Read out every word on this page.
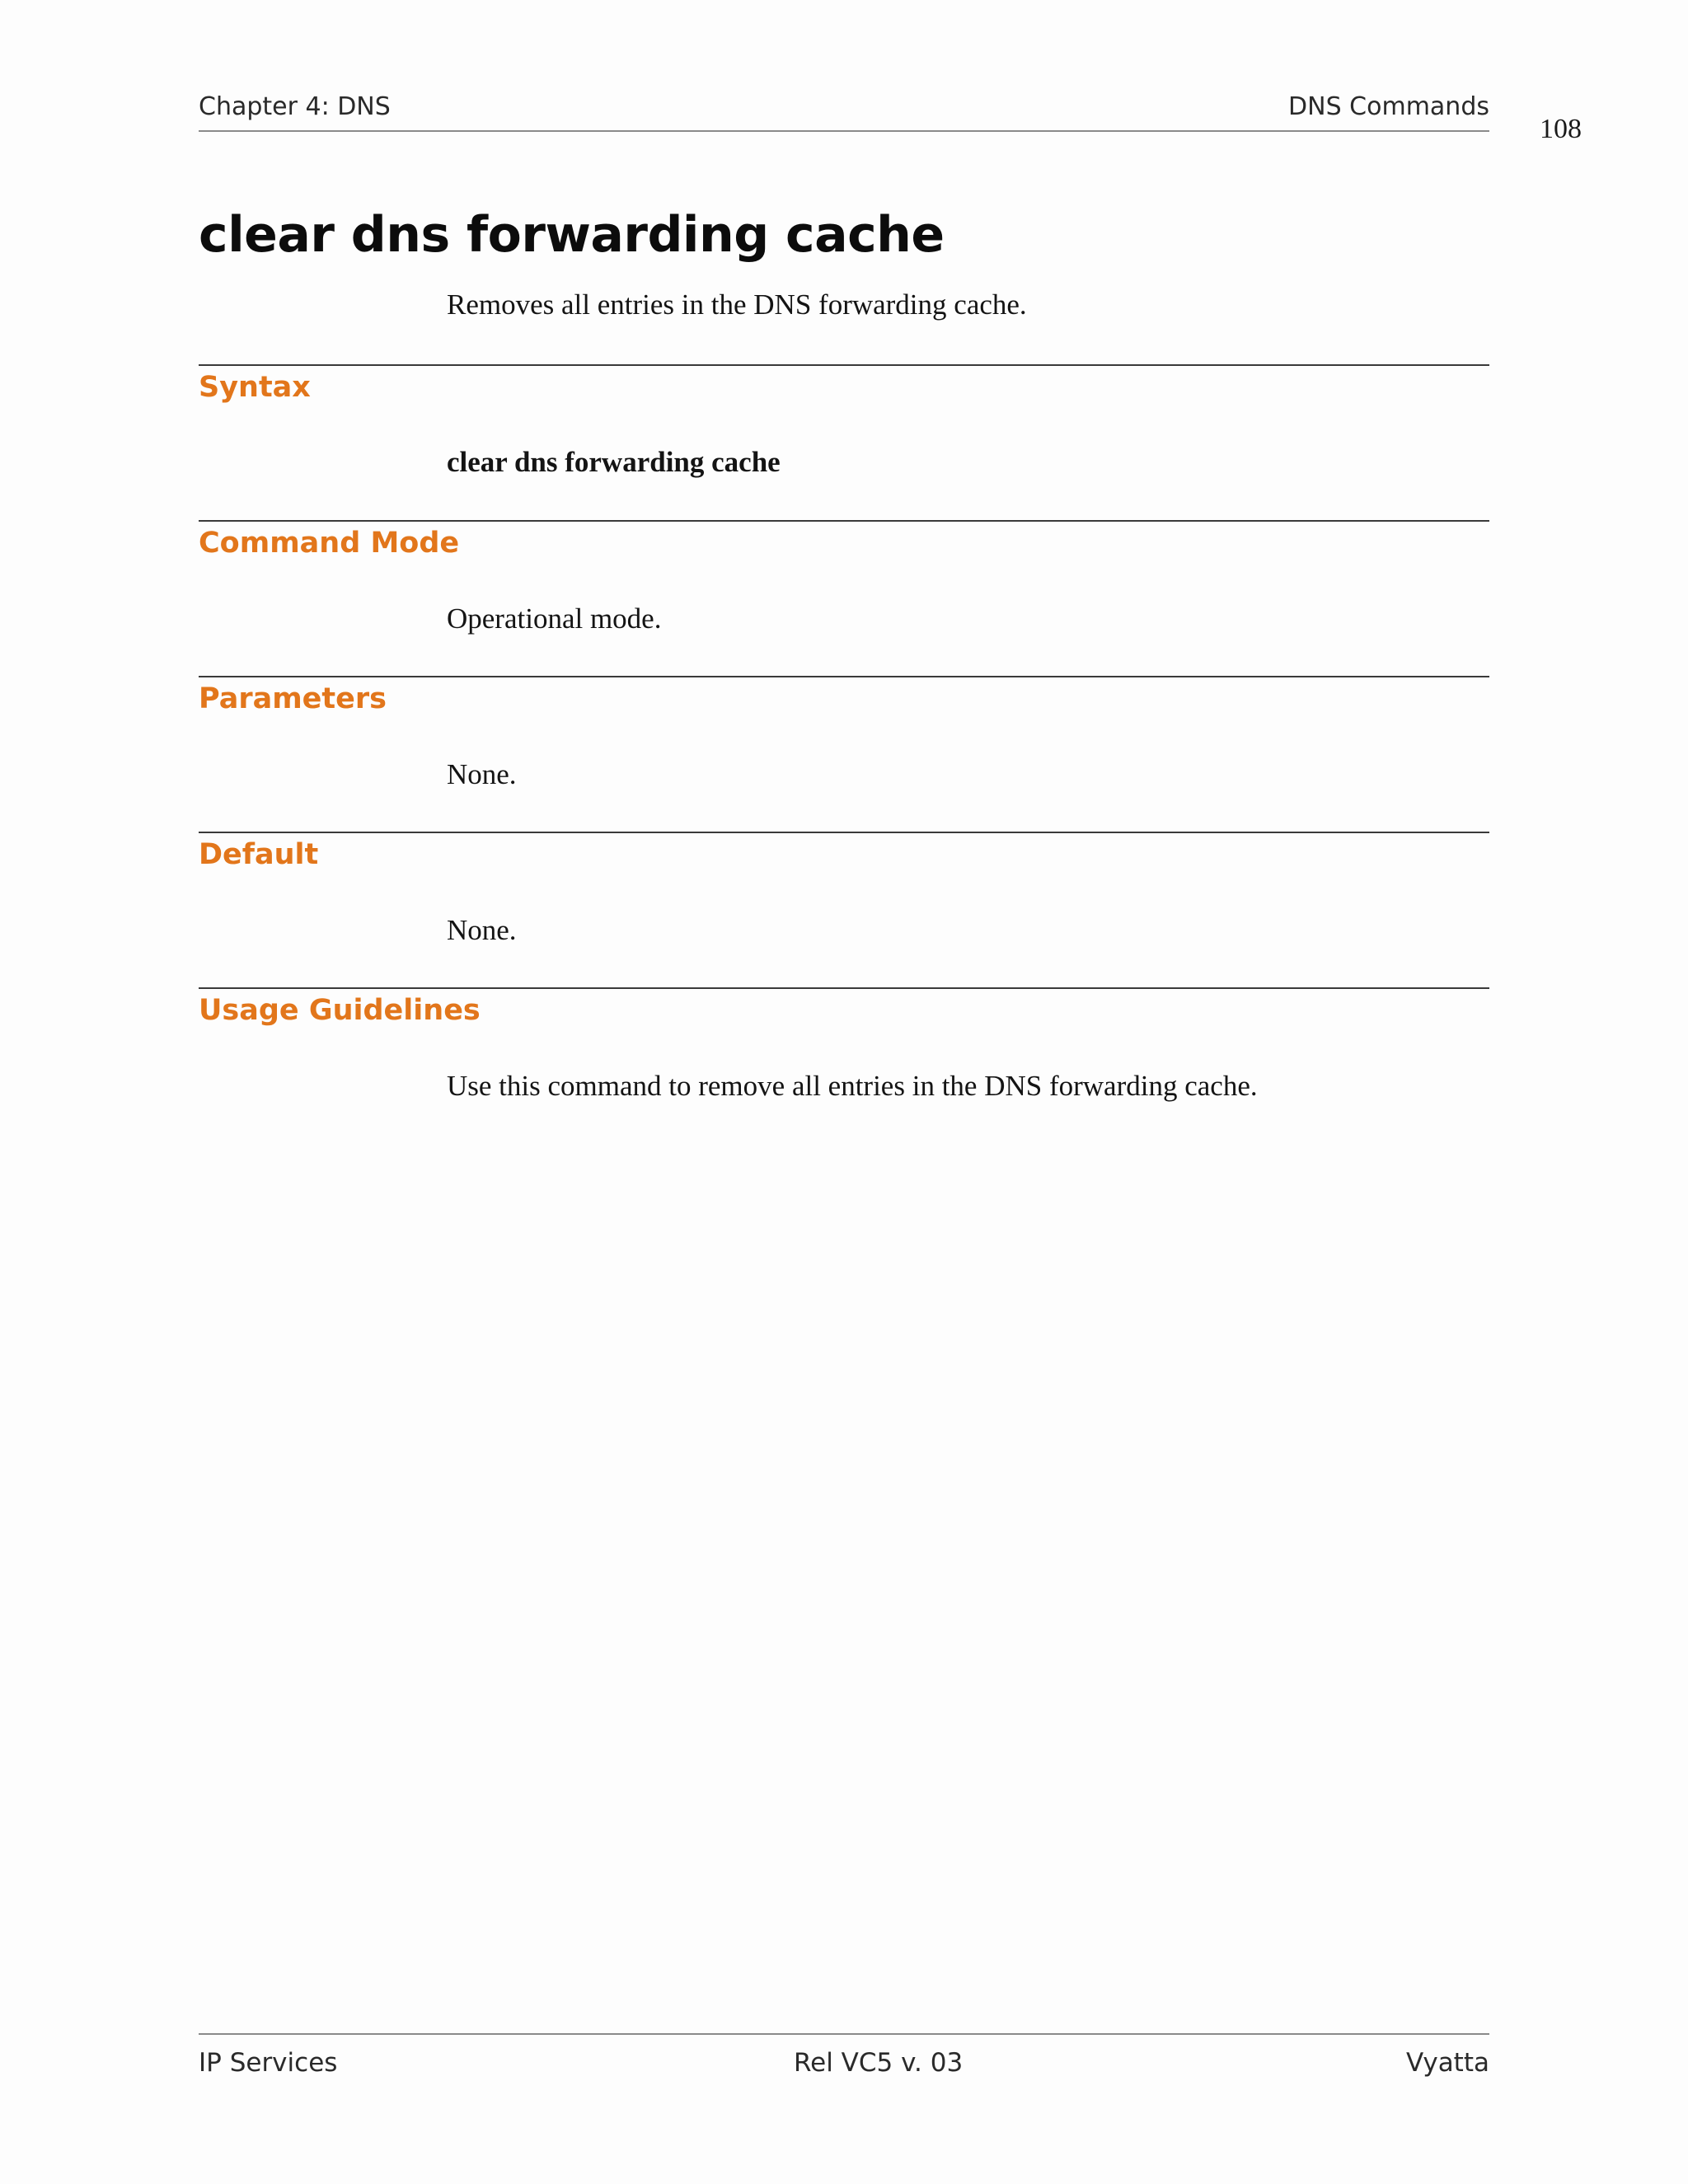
Chapter 4: DNS	DNS Commands
108
clear dns forwarding cache
Removes all entries in the DNS forwarding cache.
Syntax
clear dns forwarding cache
Command Mode
Operational mode.
Parameters
None.
Default
None.
Usage Guidelines
Use this command to remove all entries in the DNS forwarding cache.
IP Services	Rel VC5 v. 03	Vyatta
